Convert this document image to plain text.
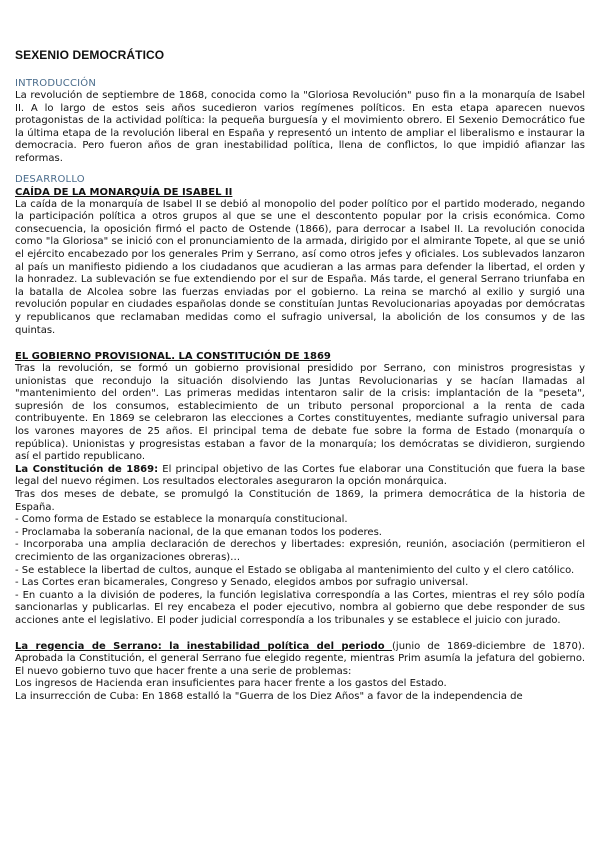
SEXENIO DEMOCRÁTICO
INTRODUCCIÓN

La revolución de septiembre de 1868, conocida como la "Gloriosa Revolución" puso fin a la monarquía de Isabel II. A lo largo de estos seis años sucedieron varios regímenes políticos. En esta etapa aparecen nuevos protagonistas de la actividad política: la pequeña burguesía y el movimiento obrero. El Sexenio Democrático fue la última etapa de la revolución liberal en España y representó un intento de ampliar el liberalismo e instaurar la democracia. Pero fueron años de gran inestabilidad política, llena de conflictos, lo que impidió afianzar las reformas.

DESARROLLO
CAÍDA DE LA MONARQUÍA DE ISABEL II

La caída de la monarquía de Isabel II se debió al monopolio del poder político por el partido moderado, negando la participación política a otros grupos al que se une el descontento popular por la crisis económica. Como consecuencia, la oposición firmó el pacto de Ostende (1866), para derrocar a Isabel II. La revolución conocida como "la Gloriosa" se inició con el pronunciamiento de la armada, dirigido por el almirante Topete, al que se unió el ejército encabezado por los generales Prim y Serrano, así como otros jefes y oficiales. Los sublevados lanzaron al país un manifiesto pidiendo a los ciudadanos que acudieran a las armas para defender la libertad, el orden y la honradez. La sublevación se fue extendiendo por el sur de España. Más tarde, el general Serrano triunfaba en la batalla de Alcolea sobre las fuerzas enviadas por el gobierno. La reina se marchó al exilio y surgió una revolución popular en ciudades españolas donde se constituían Juntas Revolucionarias apoyadas por demócratas y republicanos que reclamaban medidas como el sufragio universal, la abolición de los consumos y de las quintas.

EL GOBIERNO PROVISIONAL. LA CONSTITUCIÓN DE 1869

Tras la revolución, se formó un gobierno provisional presidido por Serrano, con ministros progresistas y unionistas que recondujo la situación disolviendo las Juntas Revolucionarias y se hacían llamadas al "mantenimiento del orden". Las primeras medidas intentaron salir de la crisis: implantación de la "peseta", supresión de los consumos, establecimiento de un tributo personal proporcional a la renta de cada contribuyente. En 1869 se celebraron las elecciones a Cortes constituyentes, mediante sufragio universal para los varones mayores de 25 años. El principal tema de debate fue sobre la forma de Estado (monarquía o república). Unionistas y progresistas estaban a favor de la monarquía; los demócratas se dividieron, surgiendo así el partido republicano.

La Constitución de 1869: El principal objetivo de las Cortes fue elaborar una Constitución que fuera la base legal del nuevo régimen. Los resultados electorales aseguraron la opción monárquica.

Tras dos meses de debate, se promulgó la Constitución de 1869, la primera democrática de la historia de España.

- Como forma de Estado se establece la monarquía constitucional.

- Proclamaba la soberanía nacional, de la que emanan todos los poderes.

- Incorporaba una amplia declaración de derechos y libertades: expresión, reunión, asociación (permitieron el crecimiento de las organizaciones obreras)…

- Se establece la libertad de cultos, aunque el Estado se obligaba al mantenimiento del culto y el clero católico.

- Las Cortes eran bicamerales, Congreso y Senado, elegidos ambos por sufragio universal.

- En cuanto a la división de poderes, la función legislativa correspondía a las Cortes, mientras el rey sólo podía sancionarlas y publicarlas. El rey encabeza el poder ejecutivo, nombra al gobierno que debe responder de sus acciones ante el legislativo. El poder judicial correspondía a los tribunales y se establece el juicio con jurado.

La regencia de Serrano: la inestabilidad política del periodo (junio de 1869-diciembre de 1870). Aprobada la Constitución, el general Serrano fue elegido regente, mientras Prim asumía la jefatura del gobierno. El nuevo gobierno tuvo que hacer frente a una serie de problemas:

Los ingresos de Hacienda eran insuficientes para hacer frente a los gastos del Estado.

La insurrección de Cuba: En 1868 estalló la "Guerra de los Diez Años" a favor de la independencia de
